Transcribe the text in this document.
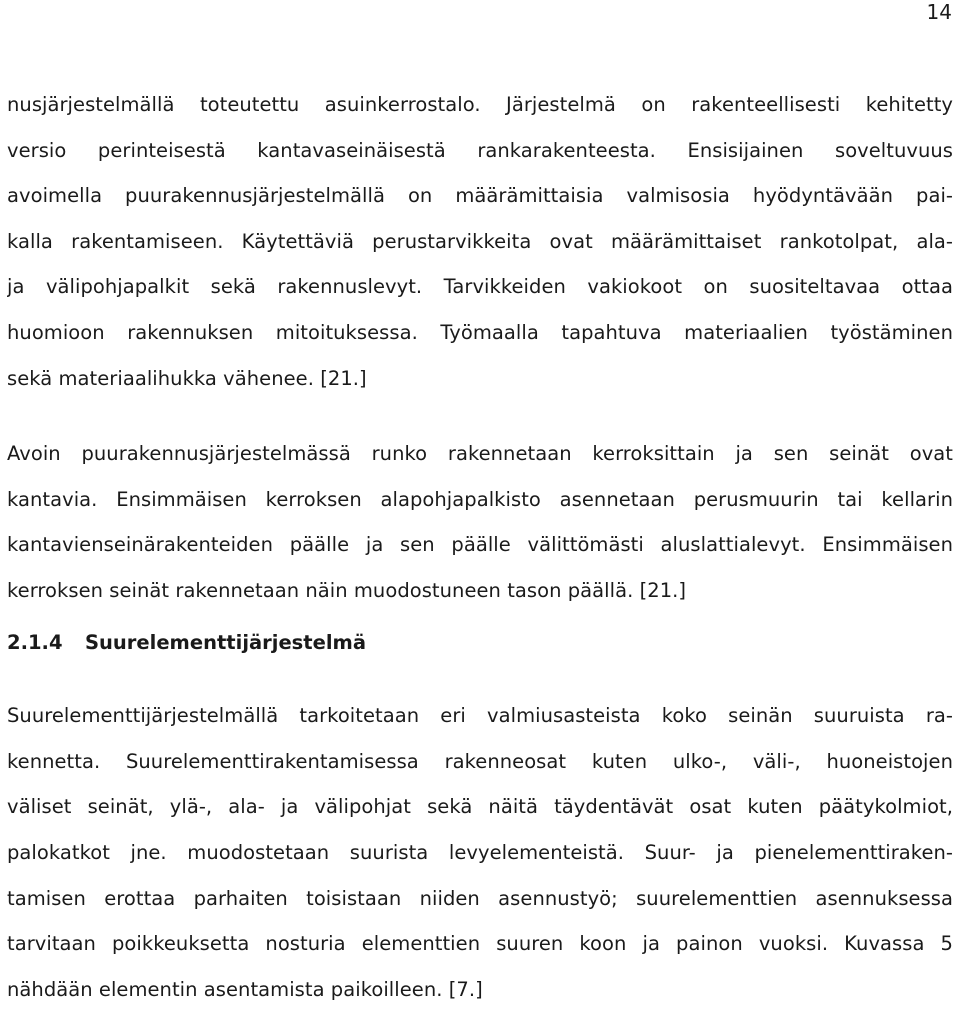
14

nusjärjestelmällä toteutettu asuinkerrostalo. Järjestelmä on rakenteellisesti kehitetty
versio perinteisestä kantavaseinäisestä rankarakenteesta. Ensisijainen soveltuvuus
avoimella puurakennusjärjestelmällä on määrämittaisia valmisosia hyödyntävään pai-
kalla rakentamiseen. Käytettäviä perustarvikkeita ovat määrämittaiset rankotolpat, ala-
ja välipohjapalkit sekä rakennuslevyt. Tarvikkeiden vakiokoot on suositeltavaa ottaa
huomioon rakennuksen mitoituksessa. Työmaalla tapahtuva materiaalien työstäminen
sekä materiaalihukka vähenee. [21.]

Avoin puurakennusjärjestelmässä runko rakennetaan kerroksittain ja sen seinät ovat
kantavia. Ensimmäisen kerroksen alapohjapalkisto asennetaan perusmuurin tai kellarin
kantavienseinärakenteiden päälle ja sen päälle välittömästi aluslattialevyt. Ensimmäisen
kerroksen seinät rakennetaan näin muodostuneen tason päällä. [21.]

2.1.4 Suurelementtijärjestelmä

Suurelementtijärjestelmällä tarkoitetaan eri valmiusasteista koko seinän suuruista ra-
kennetta. Suurelementtirakentamisessa rakenneosat kuten ulko-, väli-, huoneistojen
väliset seinät, ylä-, ala- ja välipohjat sekä näitä täydentävät osat kuten päätykolmiot,
palokatkot jne. muodostetaan suurista levyelementeistä. Suur- ja pienelementtiraken-
tamisen erottaa parhaiten toisistaan niiden asennustyö; suurelementtien asennuksessa
tarvitaan poikkeuksetta nosturia elementtien suuren koon ja painon vuoksi. Kuvassa 5
nähdään elementin asentamista paikoilleen. [7.]
